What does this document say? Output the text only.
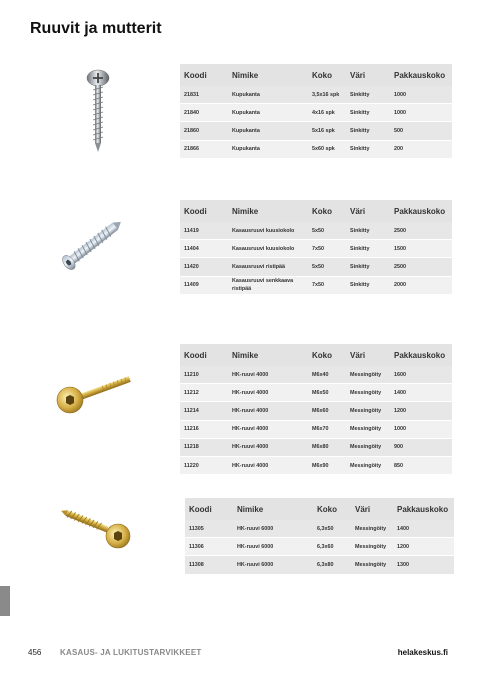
Ruuvit ja mutterit
Koodi	Nimike	Koko	Väri	Pakkauskoko
21831	Kupukanta	3,5x16 spk	Sinkitty	1000
21840	Kupukanta	4x16 spk	Sinkitty	1000
21860	Kupukanta	5x16 spk	Sinkitty	500
21866	Kupukanta	5x60 spk	Sinkitty	200
Koodi	Nimike	Koko	Väri	Pakkauskoko
11419	Kasausruuvi kuusiokolo	5x50	Sinkitty	2500
11404	Kasausruuvi kuusiokolo	7x50	Sinkitty	1500
11420	Kasausruuvi ristipää	5x50	Sinkitty	2500
11409	Kasausruuvi senkkaava ristipää	7x50	Sinkitty	2000
Koodi	Nimike	Koko	Väri	Pakkauskoko
11210	HK-ruuvi 4000	M6x40	Messingöity	1600
11212	HK-ruuvi 4000	M6x50	Messingöity	1400
11214	HK-ruuvi 4000	M6x60	Messingöity	1200
11216	HK-ruuvi 4000	M6x70	Messingöity	1000
11218	HK-ruuvi 4000	M6x80	Messingöity	900
11220	HK-ruuvi 4000	M6x90	Messingöity	850
Koodi	Nimike	Koko	Väri	Pakkauskoko
11305	HK-ruuvi 6000	6,3x50	Messingöity	1400
11306	HK-ruuvi 6000	6,3x60	Messingöity	1200
11308	HK-ruuvi 6000	6,3x80	Messingöity	1300
456 KASAUS- JA LUKITUSTARVIKKEET	helakeskus.fi
